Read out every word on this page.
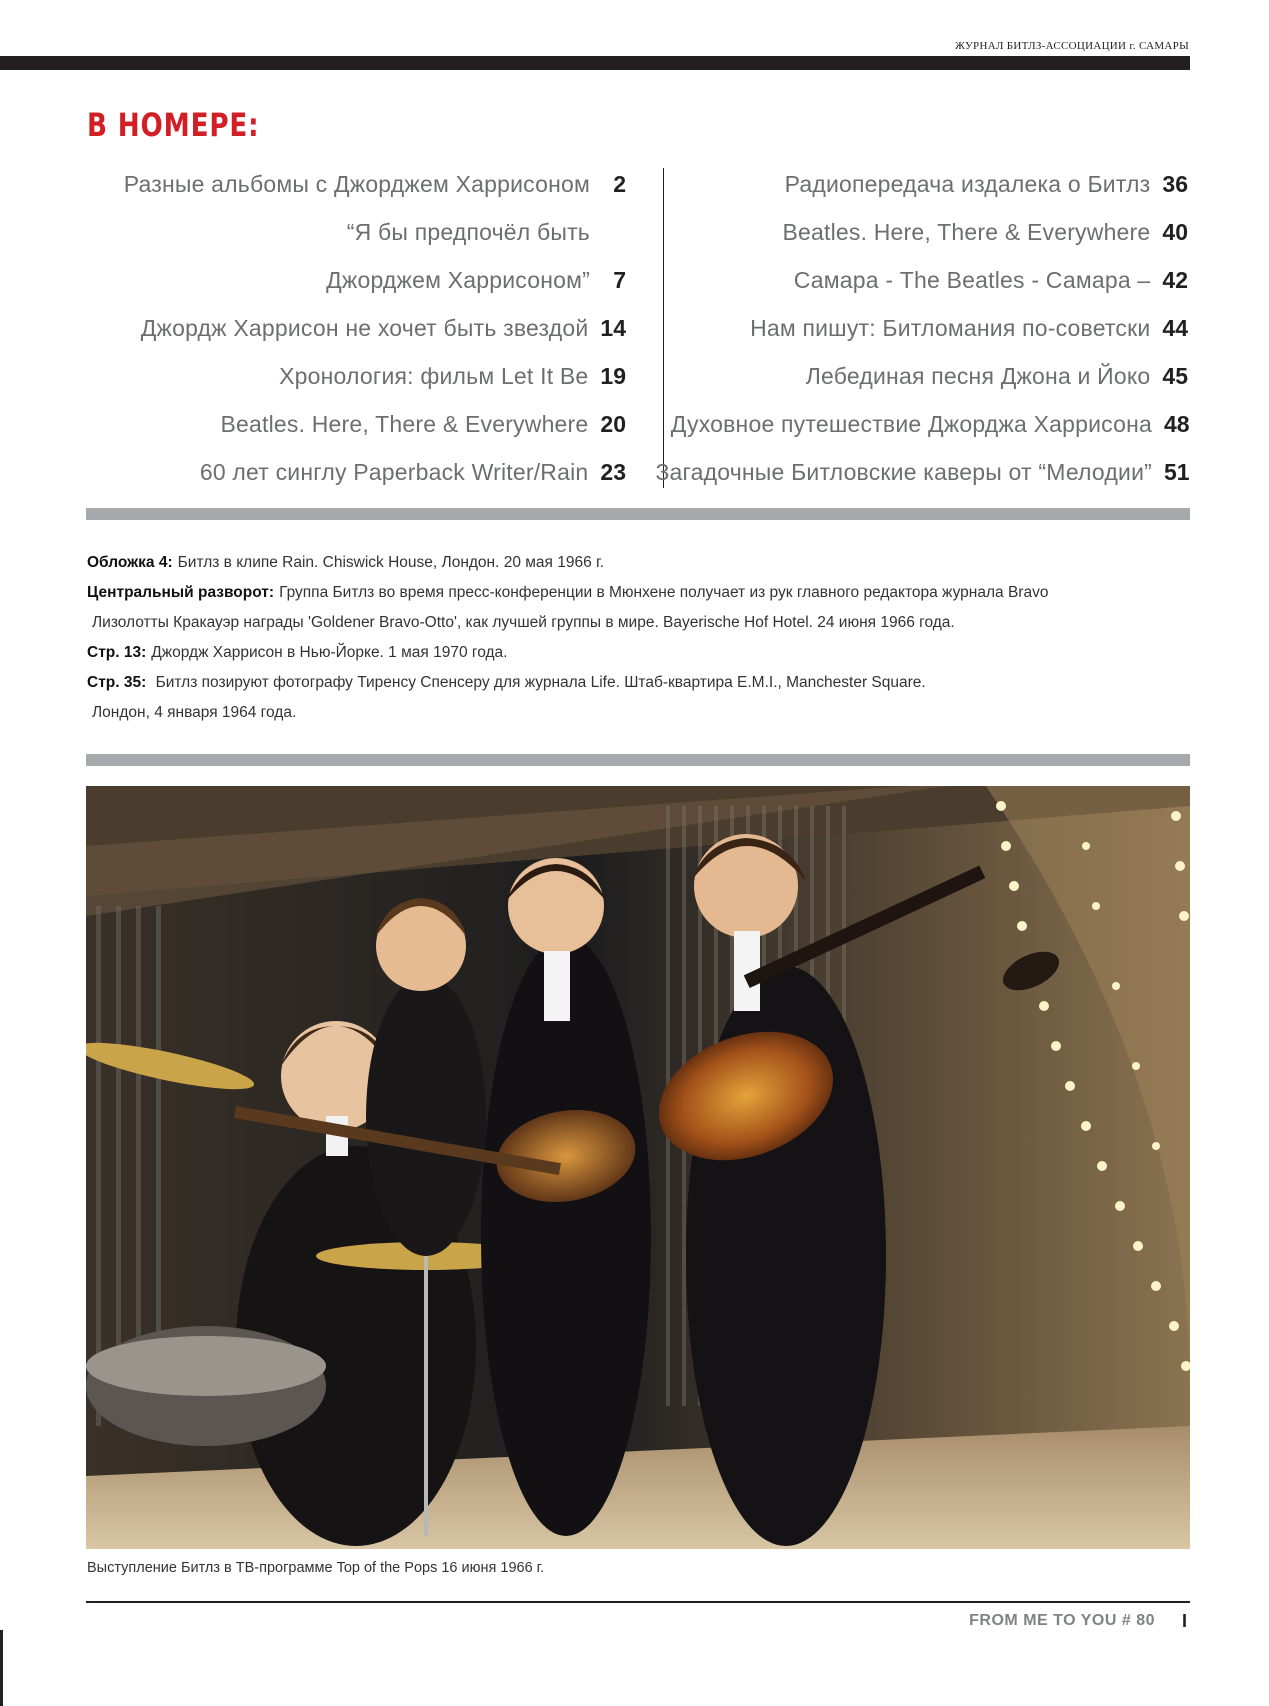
ЖУРНАЛ БИТЛЗ-АССОЦИАЦИИ г. САМАРЫ
В НОМЕРЕ:
Разные альбомы с Джорджем Харрисоном	2
“Я бы предпочёл быть
Джорджем Харрисоном”	7
Джордж Харрисон не хочет быть звездой 14
Хронология: фильм Let It Be 19
Beatles. Here, There & Everywhere 20
60 лет синглу Paperback Writer/Rain 23
Радиопередача издалека о Битлз 36
Beatles. Here, There & Everywhere 40
Самара - The Beatles - Самара – 42
Нам пишут: Битломания по-советски 44
Лебединая песня Джона и Йоко 45
Духовное путешествие Джорджа Харрисона 48
Загадочные Битловские каверы от “Мелодии” 51
Обложка 4: Битлз в клипе Rain. Chiswick House, Лондон. 20 мая 1966 г.
Центральный разворот: Группа Битлз во время пресс-конференции в Мюнхене получает из рук главного редактора журнала Bravo
Лизолотты Кракауэр награды 'Goldener Bravo-Otto', как лучшей группы в мире. Bayerische Hof Hotel. 24 июня 1966 года.
Стр. 13: Джордж Харрисон в Нью-Йорке. 1 мая 1970 года.
Стр. 35: Битлз позируют фотографу Тиренсу Спенсеру для журнала Life. Штаб-квартира E.M.I., Manchester Square.
Лондон, 4 января 1964 года.
Выступление Битлз в ТВ-программе Top of the Pops 16 июня 1966 г.
FROM ME TO YOU # 80 I
